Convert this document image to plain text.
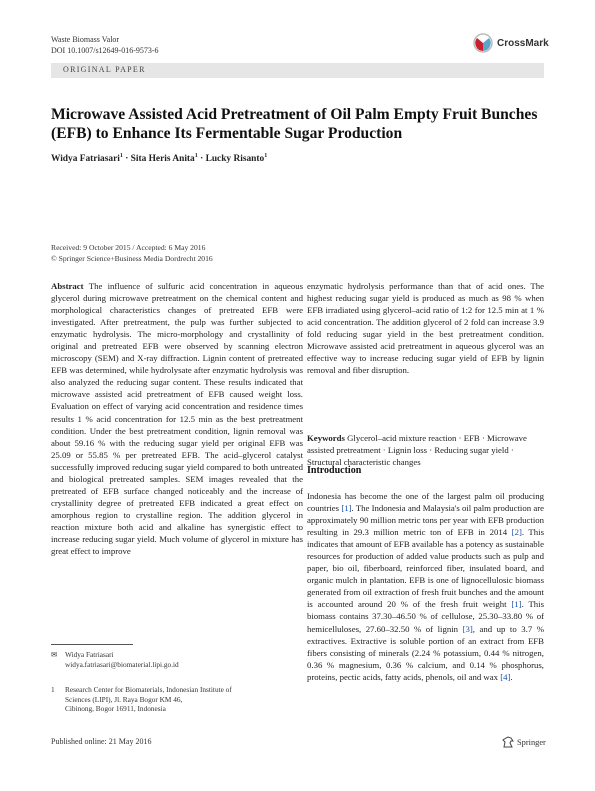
Waste Biomass Valor
DOI 10.1007/s12649-016-9573-6
CrossMark
ORIGINAL PAPER
Microwave Assisted Acid Pretreatment of Oil Palm Empty Fruit Bunches (EFB) to Enhance Its Fermentable Sugar Production
Widya Fatriasari$^1$ · Sita Heris Anita$^1$ · Lucky Risanto$^1$
Received: 9 October 2015 / Accepted: 6 May 2016
© Springer Science+Business Media Dordrecht 2016

Abstract The influence of sulfuric acid concentration in aqueous glycerol during microwave pretreatment on the chemical content and morphological characteristics changes of pretreated EFB were investigated. After pretreatment, the pulp was further subjected to enzymatic hydrolysis. The micro-morphology and crystallinity of original and pretreated EFB were observed by scanning electron microscopy (SEM) and X-ray diffraction. Lignin content of pretreated EFB was determined, while hydrolysate after enzymatic hydrolysis was also analyzed the reducing sugar content. These results indicated that microwave assisted acid pretreatment of EFB caused weight loss. Evaluation on effect of varying acid concentration and residence times results 1 % acid concentration for 12.5 min as the best pretreatment condition. Under the best pretreatment condition, lignin removal was about 59.16 % with the reducing sugar yield per original EFB was 25.09 or 55.85 % per pretreated EFB. The acid–glycerol catalyst successfully improved reducing sugar yield compared to both untreated and biological pretreated samples. SEM images revealed that the pretreated of EFB surface changed noticeably and the increase of crystallinity degree of pretreated EFB indicated a great effect on amorphous region to crystalline region. The addition glycerol in reaction mixture both acid and alkaline has synergistic effect to increase reducing sugar yield. Much volume of glycerol in mixture has great effect to improve

enzymatic hydrolysis performance than that of acid ones. The highest reducing sugar yield is produced as much as 98 % when EFB irradiated using glycerol–acid ratio of 1:2 for 12.5 min at 1 % acid concentration. The addition glycerol of 2 fold can increase 3.9 fold reducing sugar yield in the best pretreatment condition. Microwave assisted acid pretreatment in aqueous glycerol was an effective way to increase reducing sugar yield of EFB by lignin removal and fiber disruption.

Keywords Glycerol–acid mixture reaction · EFB · Microwave assisted pretreatment · Lignin loss · Reducing sugar yield · Structural characteristic changes

Introduction

Indonesia has become the one of the largest palm oil producing countries [1]. The Indonesia and Malaysia's oil palm production are approximately 90 million metric tons per year with EFB production resulting in 29.3 million metric ton of EFB in 2014 [2]. This indicates that amount of EFB available has a potency as sustainable resources for production of added value products such as pulp and paper, bio oil, fiberboard, reinforced fiber, insulated board, and organic mulch in plantation. EFB is one of lignocellulosic biomass generated from oil extraction of fresh fruit bunches and the amount is accounted around 20 % of the fresh fruit weight [1]. This biomass contains 37.30–46.50 % of cellulose, 25.30–33.80 % of hemicelluloses, 27.60–32.50 % of lignin [3], and up to 3.7 % extractives. Extractive is soluble portion of an extract from EFB fibers consisting of minerals (2.24 % potassium, 0.44 % nitrogen, 0.36 % magnesium, 0.36 % calcium, and 0.14 % phosphorus, proteins, pectic acids, fatty acids, phenols, oil and wax [4].

✉ Widya Fatriasari
widya.fatriasari@biomaterial.lipi.go.id
1 Research Center for Biomaterials, Indonesian Institute of
Sciences (LIPI), Jl. Raya Bogor KM 46,
Cibinong, Bogor 16911, Indonesia
Published online: 21 May 2016	Springer
